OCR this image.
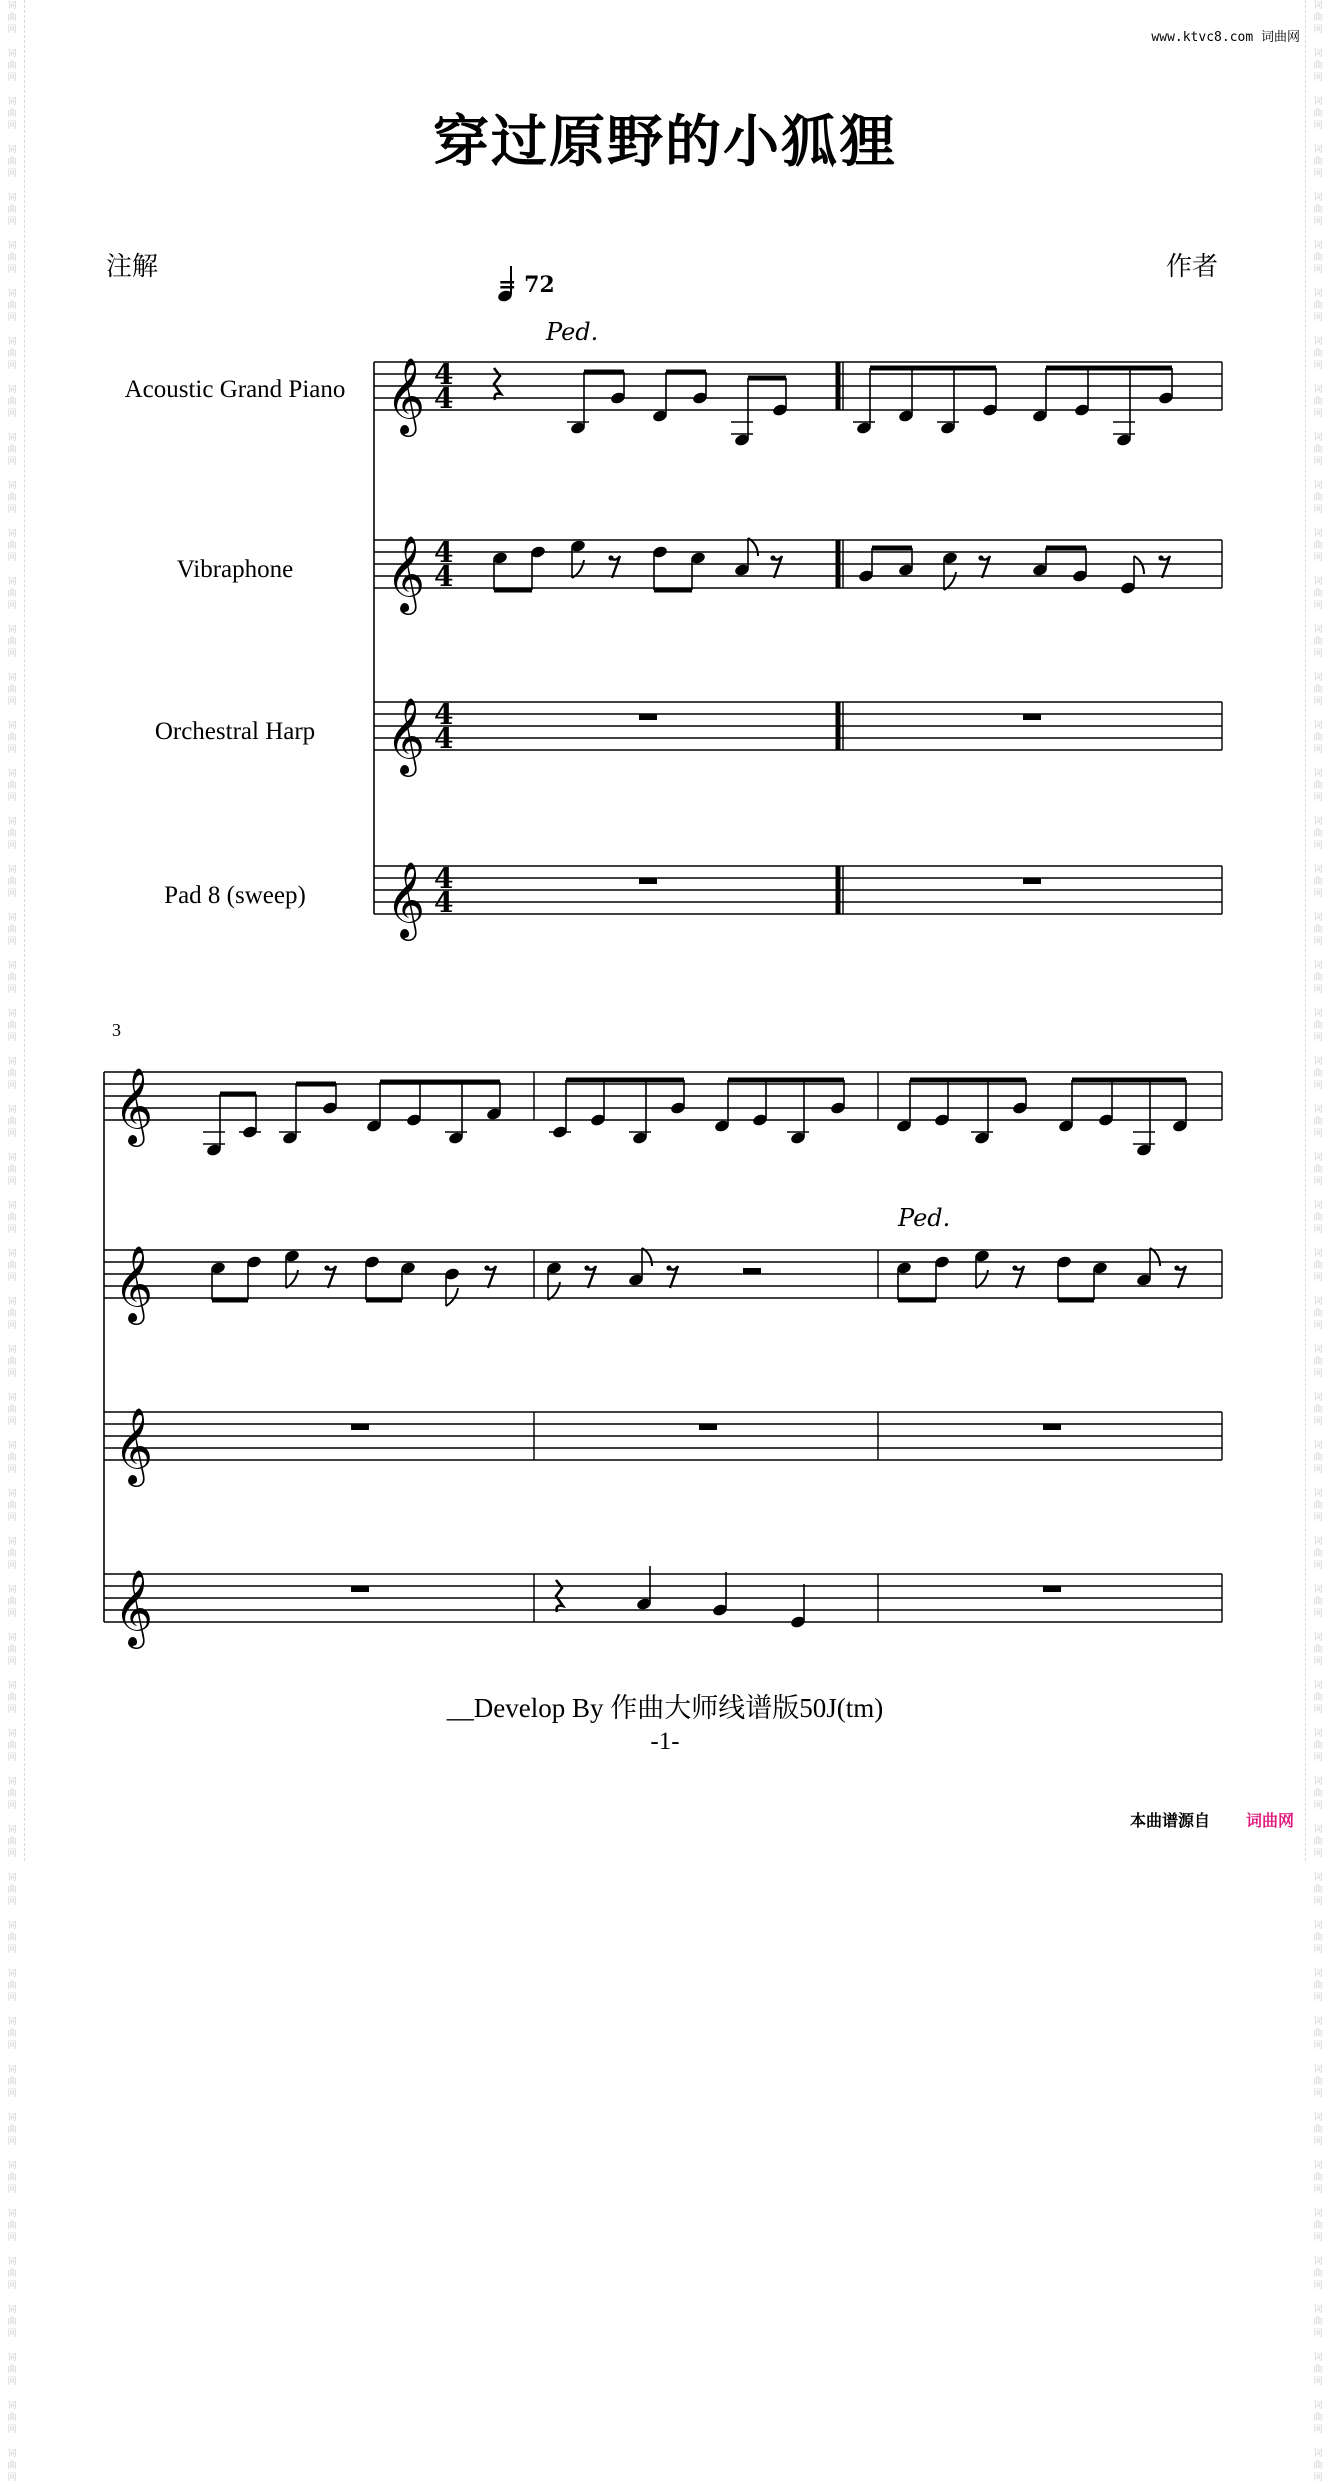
词
曲
网

词
曲
网

词
曲
网

词
曲
网

词
曲
网

词
曲
网

词
曲
网

词
曲
网

词
曲
网

词
曲
网

词
曲
网

词
曲
网

词
曲
网

词
曲
网

词
曲
网

词
曲
网

词
曲
网

词
曲
网

词
曲
网

词
曲
网

词
曲
网

词
曲
网

词
曲
网

词
曲
网

词
曲
网

词
曲
网

词
曲
网

词
曲
网

词
曲
网

词
曲
网

词
曲
网

词
曲
网

词
曲
网

词
曲
网

词
曲
网

词
曲
网

词
曲
网

词
曲
网

词
曲
网

词
曲
网

词
曲
网

词
曲
网

词
曲
网

词
曲
网

词
曲
网

词
曲
网

词
曲
网

词
曲
网

词
曲
网

词
曲
网

词
曲
网

词
曲
网

词
曲
网

词
曲
网

词
曲
网

词
曲
网

词
曲
网

词
曲
网

词
曲
网

词
曲
网

词
曲
网

词
曲
网

词
曲
网

词
曲
网

词
曲
网

词
曲
网

词
曲
网

词
曲
网

词
曲
网

词
曲
网

词
曲
网

词
曲
网

词
曲
网

词
曲
网

词
曲
网

词
曲
网

词
曲
网

词
曲
网

词
曲
网

词
曲
网

词
曲
网

词
曲
网

词
曲
网

词
曲
网

词
曲
网

词
曲
网

词
曲
网

词
曲
网

词
曲
网

词
曲
网

词
曲
网

词
曲
网

词
曲
网

词
曲
网

词
曲
网

词
曲
网

词
曲
网

词
曲
网

词
曲
网

词
曲
网

词
曲
网

词
曲
网

词
曲
网

词
曲
网

www.ktvc8.com 词曲网
穿过原野的小狐狸
注解	作者
𝄞 4
4
𝄞 4
4
𝄞 4
4
𝄞 4
4
Ped.
𝄞
𝄞
𝄞
𝄞
Ped.
= 72
Acoustic Grand Piano
Vibraphone
Orchestral Harp
Pad 8 (sweep)
3
__Develop By 作曲大师线谱版50J(tm)
-1-
本曲谱源自 词曲网
